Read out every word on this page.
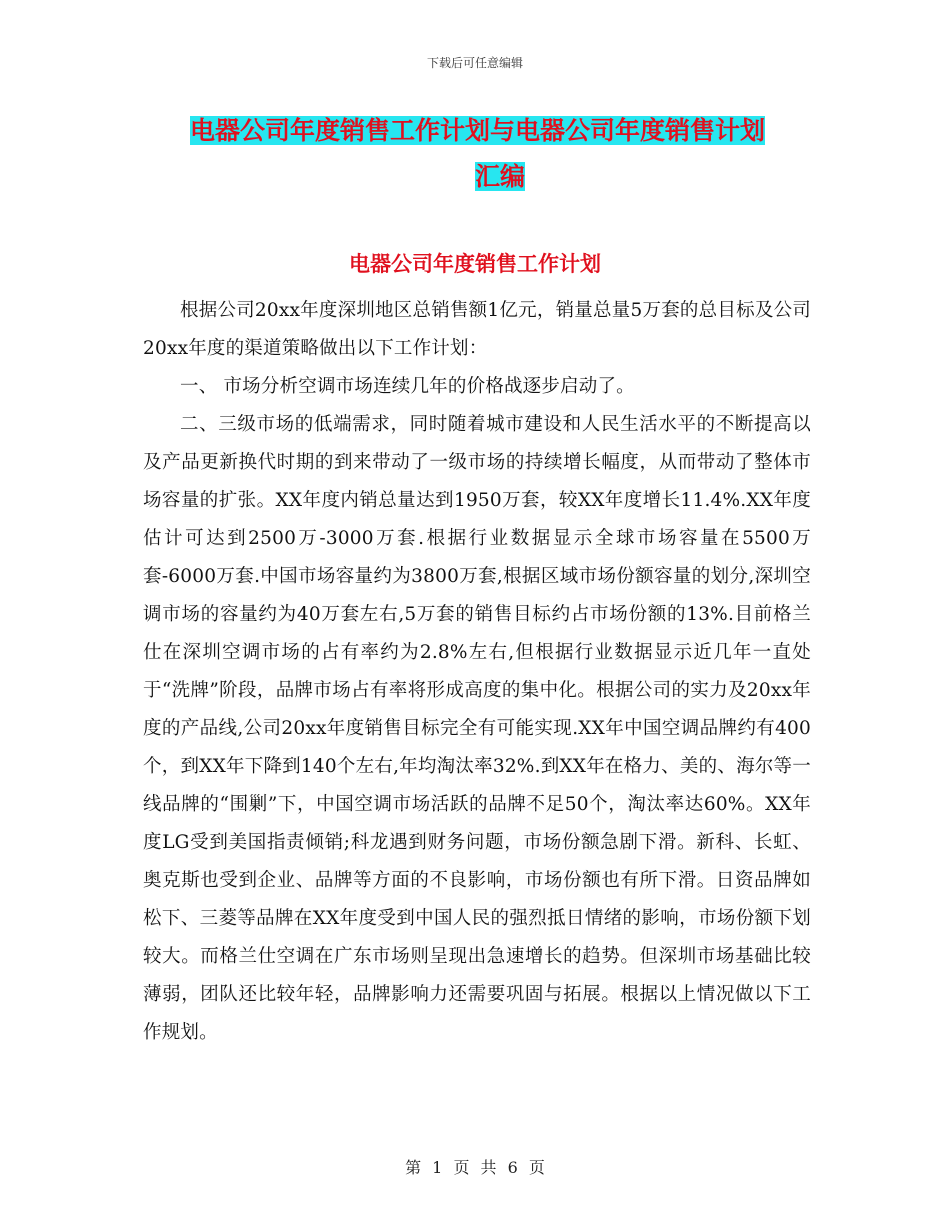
下载后可任意编辑
电器公司年度销售工作计划与电器公司年度销售计划
汇编
电器公司年度销售工作计划

根据公司20xx年度深圳地区总销售额1亿元，销量总量5万套的总目标及公司20xx年度的渠道策略做出以下工作计划：

一、 市场分析空调市场连续几年的价格战逐步启动了。

二、三级市场的低端需求，同时随着城市建设和人民生活水平的不断提高以及产品更新换代时期的到来带动了一级市场的持续增长幅度，从而带动了整体市场容量的扩张。XX年度内销总量达到1950万套，较XX年度增长11.4%.XX年度估计可达到2500万-3000万套.根据行业数据显示全球市场容量在5500万套-6000万套.中国市场容量约为3800万套,根据区域市场份额容量的划分,深圳空调市场的容量约为40万套左右,5万套的销售目标约占市场份额的13%.目前格兰仕在深圳空调市场的占有率约为2.8%左右,但根据行业数据显示近几年一直处于“洗牌”阶段，品牌市场占有率将形成高度的集中化。根据公司的实力及20xx年度的产品线,公司20xx年度销售目标完全有可能实现.XX年中国空调品牌约有400个，到XX年下降到140个左右,年均淘汰率32%.到XX年在格力、美的、海尔等一线品牌的“围剿”下，中国空调市场活跃的品牌不足50个，淘汰率达60%。XX年度LG受到美国指责倾销;科龙遇到财务问题，市场份额急剧下滑。新科、长虹、奥克斯也受到企业、品牌等方面的不良影响，市场份额也有所下滑。日资品牌如松下、三菱等品牌在XX年度受到中国人民的强烈抵日情绪的影响，市场份额下划较大。而格兰仕空调在广东市场则呈现出急速增长的趋势。但深圳市场基础比较薄弱，团队还比较年轻，品牌影响力还需要巩固与拓展。根据以上情况做以下工作规划。

第 1 页 共 6 页
